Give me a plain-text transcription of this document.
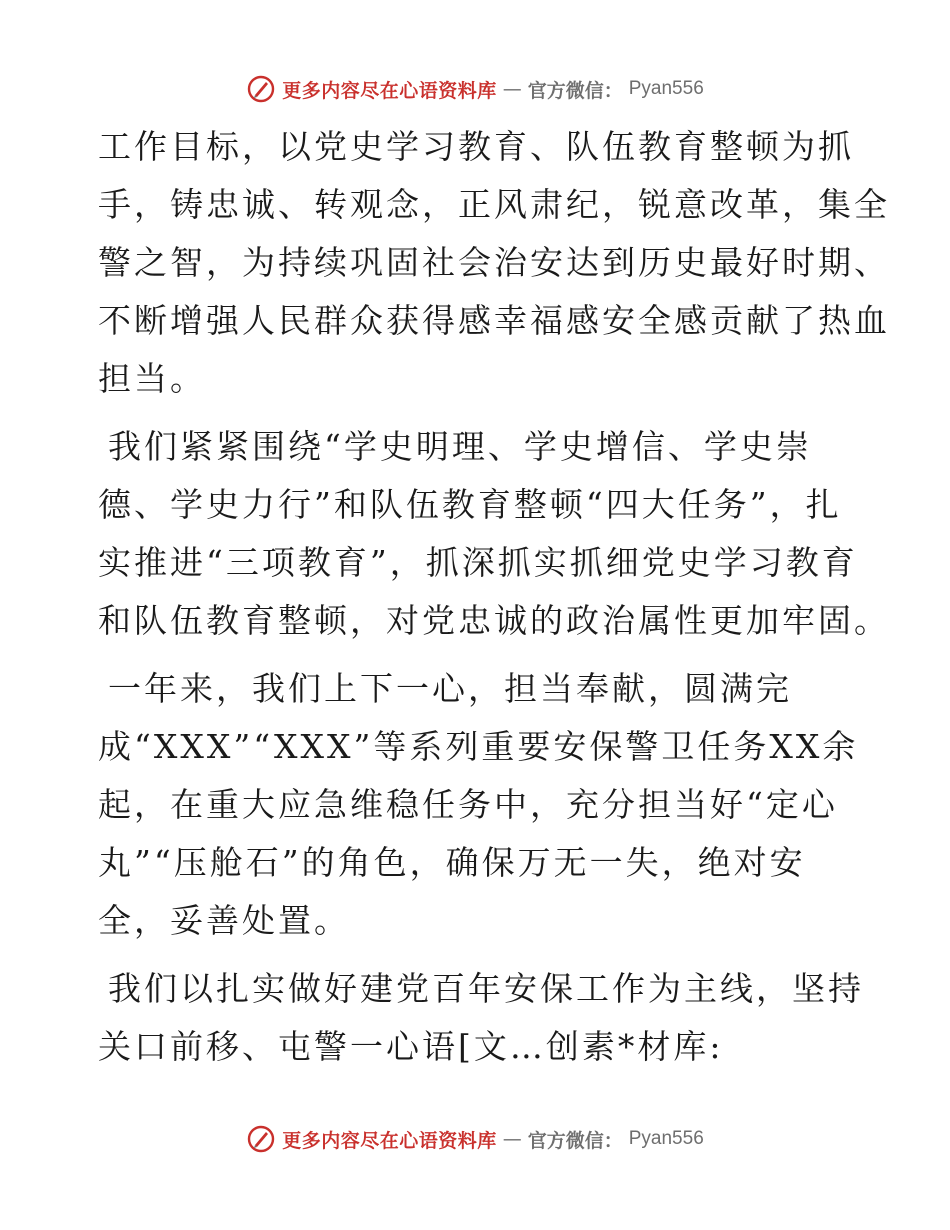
更多内容尽在心语资料库 — 官方微信： Pyan556
工作目标，以党史学习教育、队伍教育整顿为抓
手，铸忠诚、转观念，正风肃纪，锐意改革，集全
警之智，为持续巩固社会治安达到历史最好时期、
不断增强人民群众获得感幸福感安全感贡献了热血
担当。
我们紧紧围绕“学史明理、学史增信、学史崇
德、学史力行”和队伍教育整顿“四大任务”，扎
实推进“三项教育”，抓深抓实抓细党史学习教育
和队伍教育整顿，对党忠诚的政治属性更加牢固。
一年来，我们上下一心，担当奉献，圆满完
成“XXX”“XXX”等系列重要安保警卫任务XX余
起，在重大应急维稳任务中，充分担当好“定心
丸”“压舱石”的角色，确保万无一失，绝对安
全，妥善处置。
我们以扎实做好建党百年安保工作为主线，坚持
关口前移、屯警一心语[文…创素*材库:
更多内容尽在心语资料库 — 官方微信： Pyan556
